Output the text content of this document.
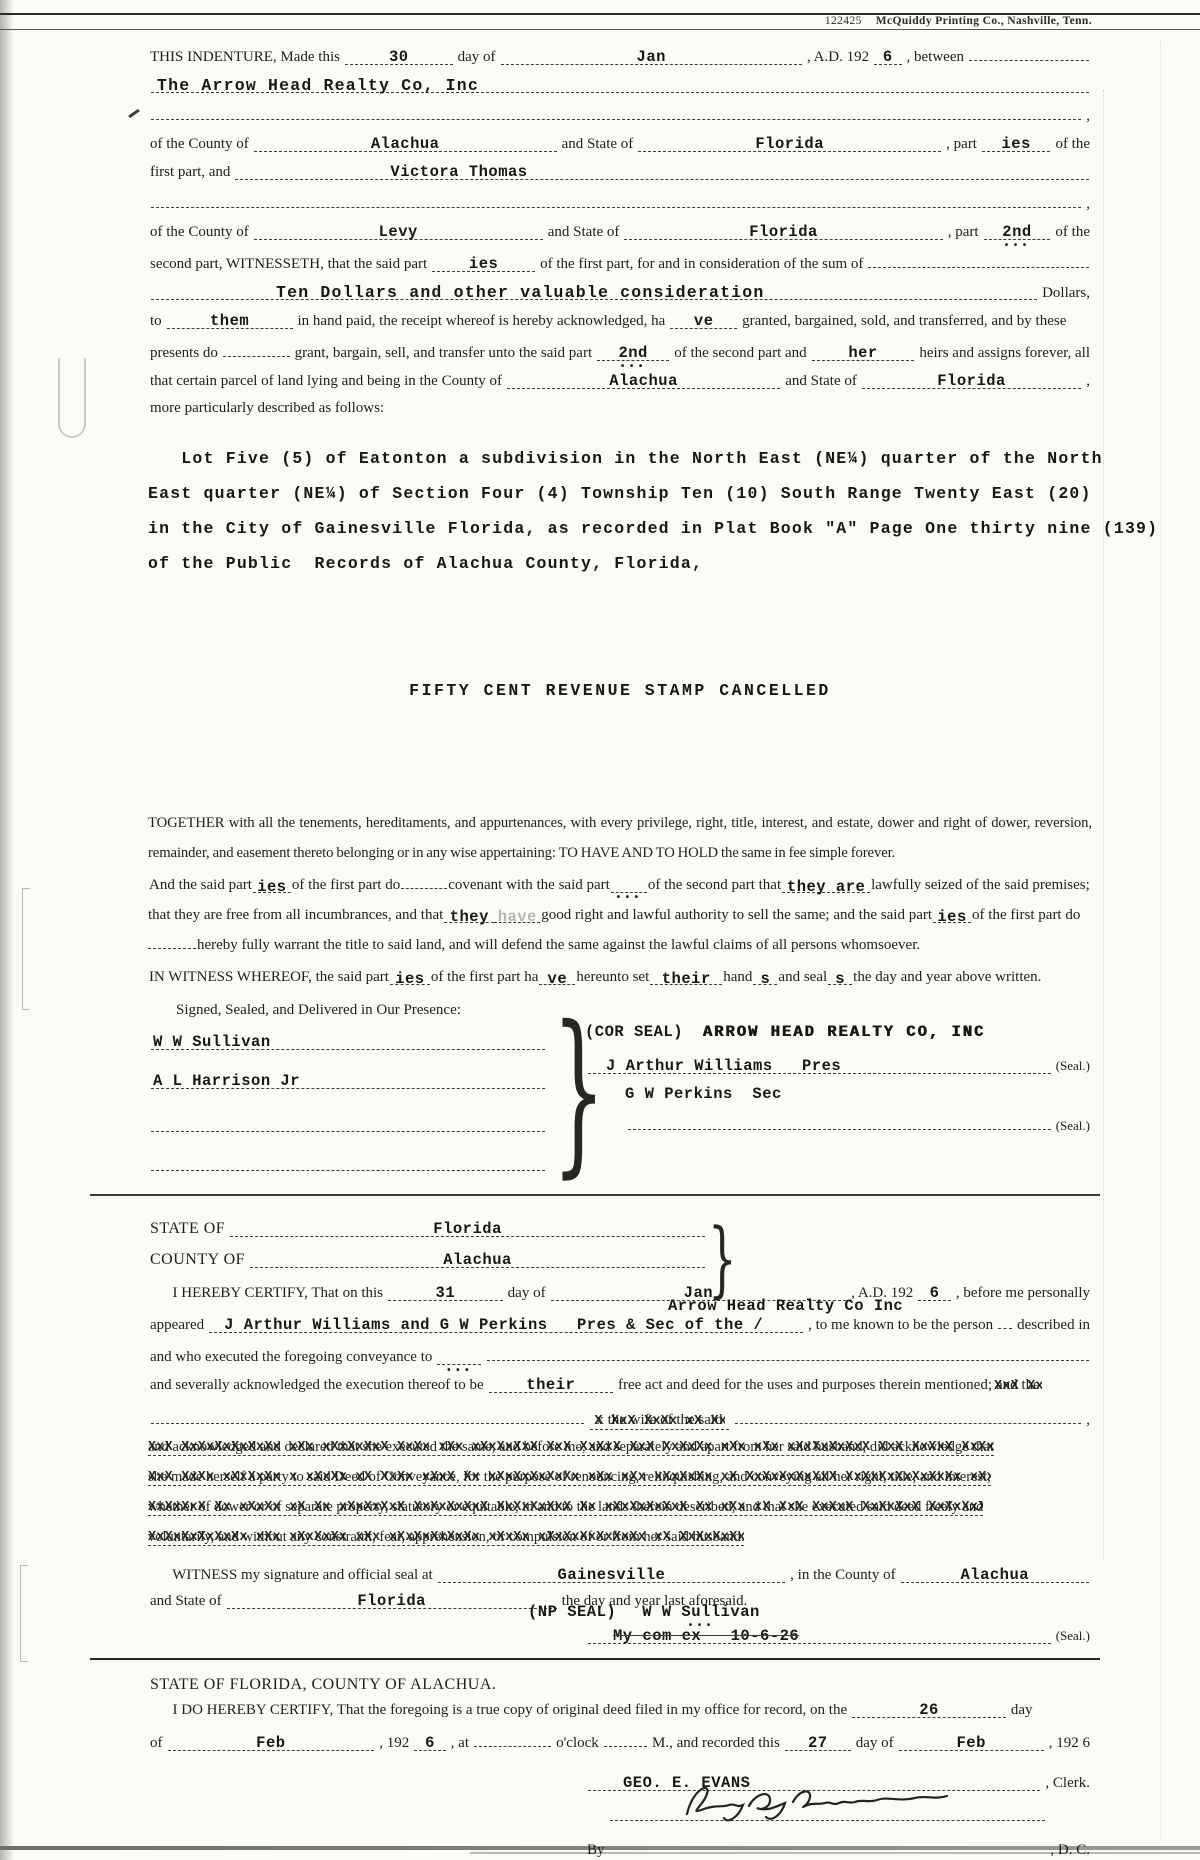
122425 McQuiddy Printing Co., Nashville, Tenn.
THIS INDENTURE, Made this	30	day of	Jan	, A.D. 192 6 , between
The Arrow Head Realty Co, Inc
,
of the County of	Alachua	and State of	Florida	, part ies of the
first part, and	Victora Thomas
,
of the County of	Levy	and State of	Florida	, part 2nd ••• of the
second part, WITNESSETH, that the said part	ies	of the first part, for and in consideration of the sum of
Ten Dollars and other valuable consideration	Dollars,
to	them	in hand paid, the receipt whereof is hereby acknowledged, ha ve granted, bargained, sold, and transferred, and by these
presents do	grant, bargain, sell, and transfer unto the said part 2nd ••• of the second part and	her	heirs and assigns forever, all
that certain parcel of land lying and being in the County of	Alachua	and State of	Florida	,
more particularly described as follows:
Lot Five (5) of Eatonton a subdivision in the North East (NE¼) quarter of the North
East quarter (NE¼) of Section Four (4) Township Ten (10) South Range Twenty East (20)
in the City of Gainesville Florida, as recorded in Plat Book "A" Page One thirty nine (139)
of the Public  Records of Alachua County, Florida,
FIFTY CENT REVENUE STAMP CANCELLED
TOGETHER with all the tenements, hereditaments, and appurtenances, with every privilege, right, title, interest, and estate, dower and right of dower, reversion, remainder, and easement thereto belonging or in any wise appertaining: TO HAVE AND TO HOLD the same in fee simple forever.
And the said part ies of the first part do	covenant with the said part •••	of the second part that they are lawfully seized of the said premises; that they are free from all incumbrances, and that they have good right and lawful authority to sell the same; and the said part ies of the first part dohereby fully warrant the title to said land, and will defend the same against the lawful claims of all persons whomsoever.
IN WITNESS WHEREOF, the said part ies of the first part ha ve hereunto set their hand s and seal s the day and year above written.
Signed, Sealed, and Delivered in Our Presence:
W W Sullivan
A L Harrison Jr }
(COR SEAL) ARROW HEAD REALTY CO, INC
J Arthur Williams   Pres	(Seal.)
G W Perkins  Sec
(Seal.)
STATE OF	Florida
COUNTY OF	Alachua }
I HEREBY CERTIFY, That on this	31	day of	Jan	, A.D. 192 6 , before me personally
Arrow Head Realty Co Inc
appeared J Arthur Williams and G W Perkins   Pres & Sec of the /	, to me known to be the person described in
and who executed the foregoing conveyance to
•••
and severally acknowledged the execution thereof to be	their	free act and deed for the uses and purposes therein mentioned; and the XxX XxX
x the wife of the said X XxX XxXx xX XxX XxXx	,
and acknowledged and declared that she executed the same, and before me, and separately and apart from her said husband, did acknowledge that XxX XxXxXxXxXxXx xXx xXxXxXxX XxXx xXx xXxXxXxX XxX XxXxX XxX XxXxXx xXx xXx xXxXxXxXxX XxX XxXxX XxXx xXx xXxX XxXxXxXx xXx xXxXxXxXxXx xXxX
she made herself a party to said Deed of Conveyance, for the purpose of renouncing, relinquishing, and conveying all her right, title, and interest, XxX XxXx xXxXxXx x xXxXx xX XxXx xXxX Xx xXxXxXxXxXx xXx xXx xXxXxXx xX XxXxXxXxXxX XxXxXxXxXxXxXx xXx xXxXxXxXx xXx xXx xXxXxX XxXxXx xXx xXxXxXxXx
whether of dower or of separate property, statutory or equitable, in and to the lands therein described, and that she executed said deed freely and XxXxXxX Xx xXxXx xX Xx xXxXxXxX XxXxXxXxX XxXxXxXxX Xx xXxXxXxXxX Xx xXx xX XxX XxXxX XxXxXxX XxXxXxXxXx xXx xXxX XxX XxXxXxXx xXxX XxXx xXxXxX XxX
voluntarily, and without any constraint, fear, apprehension, or compulsion of or from her said husband. XxXxXxXxXxXx xXx xXxXxXx xXx xXxXxXxXxXx xXxXx xXxXxXxXxXxXx xX XxXxXxXxXx xX Xx xXxX XxX XxXx xXxXxXxX
WITNESS my signature and official seal at	Gainesville	, in the County of	Alachua
and State of	Florida	the day and year last aforesaid.
(NP SEAL) W W Sullivan •••
My com ex   10-6-26	(Seal.)
STATE OF FLORIDA, COUNTY OF ALACHUA.
I DO HEREBY CERTIFY, That the foregoing is a true copy of original deed filed in my office for record, on the	26	day
of	Feb	, 192 6 , at	o'clock	M., and recorded this 27 day of	Feb	, 192 6
GEO. E. EVANS	, Clerk.
By	, D. C.
